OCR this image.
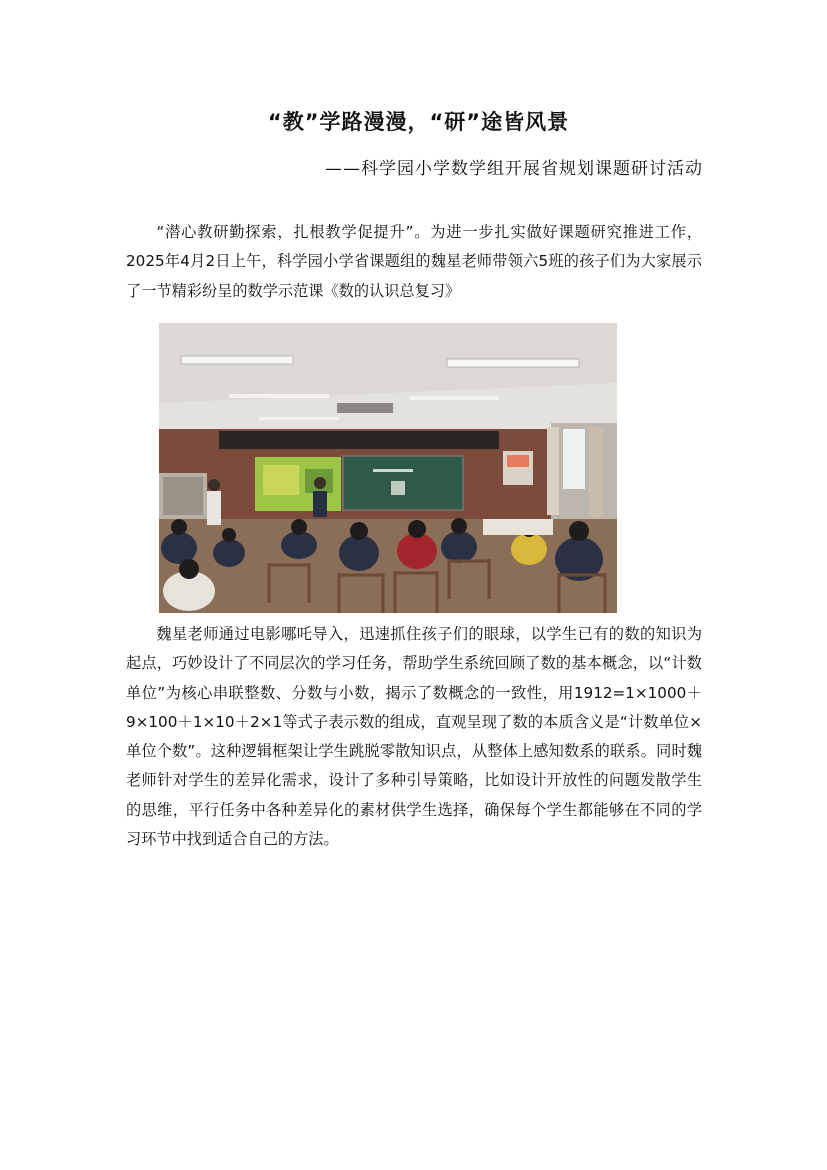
“教”学路漫漫，“研”途皆风景
——科学园小学数学组开展省规划课题研讨活动

“潜心教研勤探索，扎根教学促提升”。为进一步扎实做好课题研究推进工作，2025年4月2日上午，科学园小学省课题组的魏星老师带领六5班的孩子们为大家展示了一节精彩纷呈的数学示范课《数的认识总复习》

魏星老师通过电影哪吒导入，迅速抓住孩子们的眼球，以学生已有的数的知识为起点，巧妙设计了不同层次的学习任务，帮助学生系统回顾了数的基本概念，以“计数单位”为核心串联整数、分数与小数，揭示了数概念的一致性，用1912=1×1000＋9×100＋1×10＋2×1等式子表示数的组成，直观呈现了数的本质含义是“计数单位×单位个数”。这种逻辑框架让学生跳脱零散知识点，从整体上感知数系的联系。同时魏老师针对学生的差异化需求，设计了多种引导策略，比如设计开放性的问题发散学生的思维，平行任务中各种差异化的素材供学生选择，确保每个学生都能够在不同的学习环节中找到适合自己的方法。
